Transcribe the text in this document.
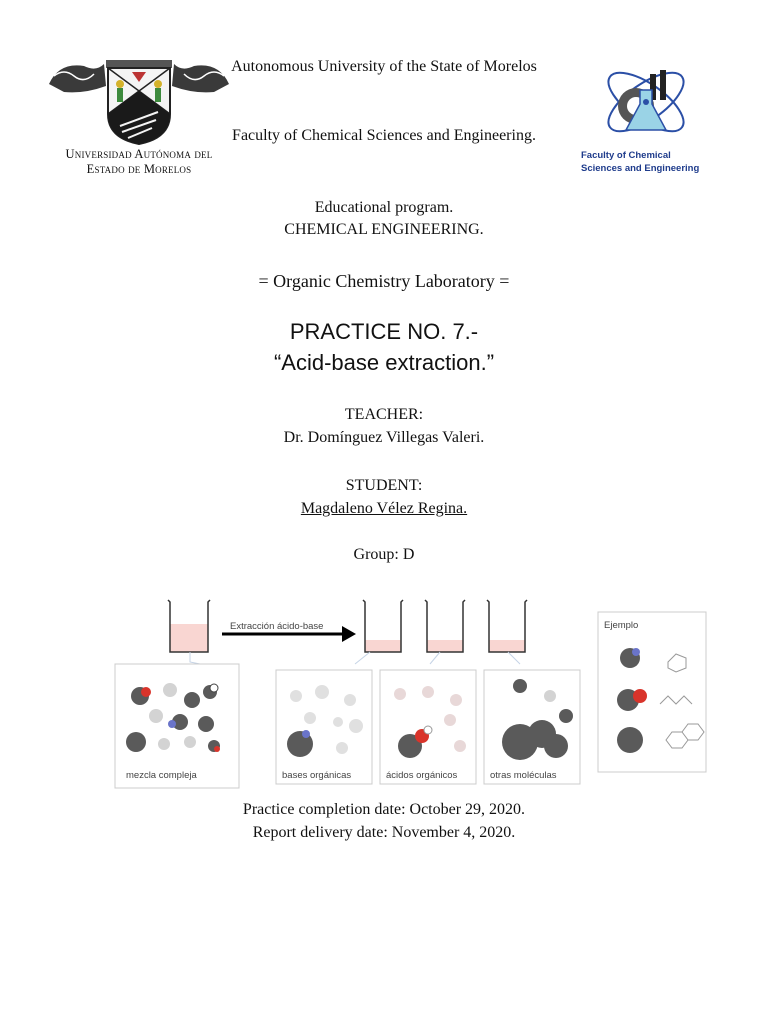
Universidad Autónoma del
Estado de Morelos
Faculty of Chemical
Sciences and Engineering
Autonomous University of the State of Morelos
Faculty of Chemical Sciences and Engineering.
Educational program.
CHEMICAL ENGINEERING.
= Organic Chemistry Laboratory =
PRACTICE NO. 7.-
“Acid-base extraction.”
TEACHER:
Dr. Domínguez Villegas Valeri.
STUDENT:
Magdaleno Vélez Regina.
Group: D
Extracción ácido-base
mezcla compleja	bases orgánicas	ácidos orgánicos	otras moléculas
Ejemplo
Practice completion date: October 29, 2020.
Report delivery date: November 4, 2020.
